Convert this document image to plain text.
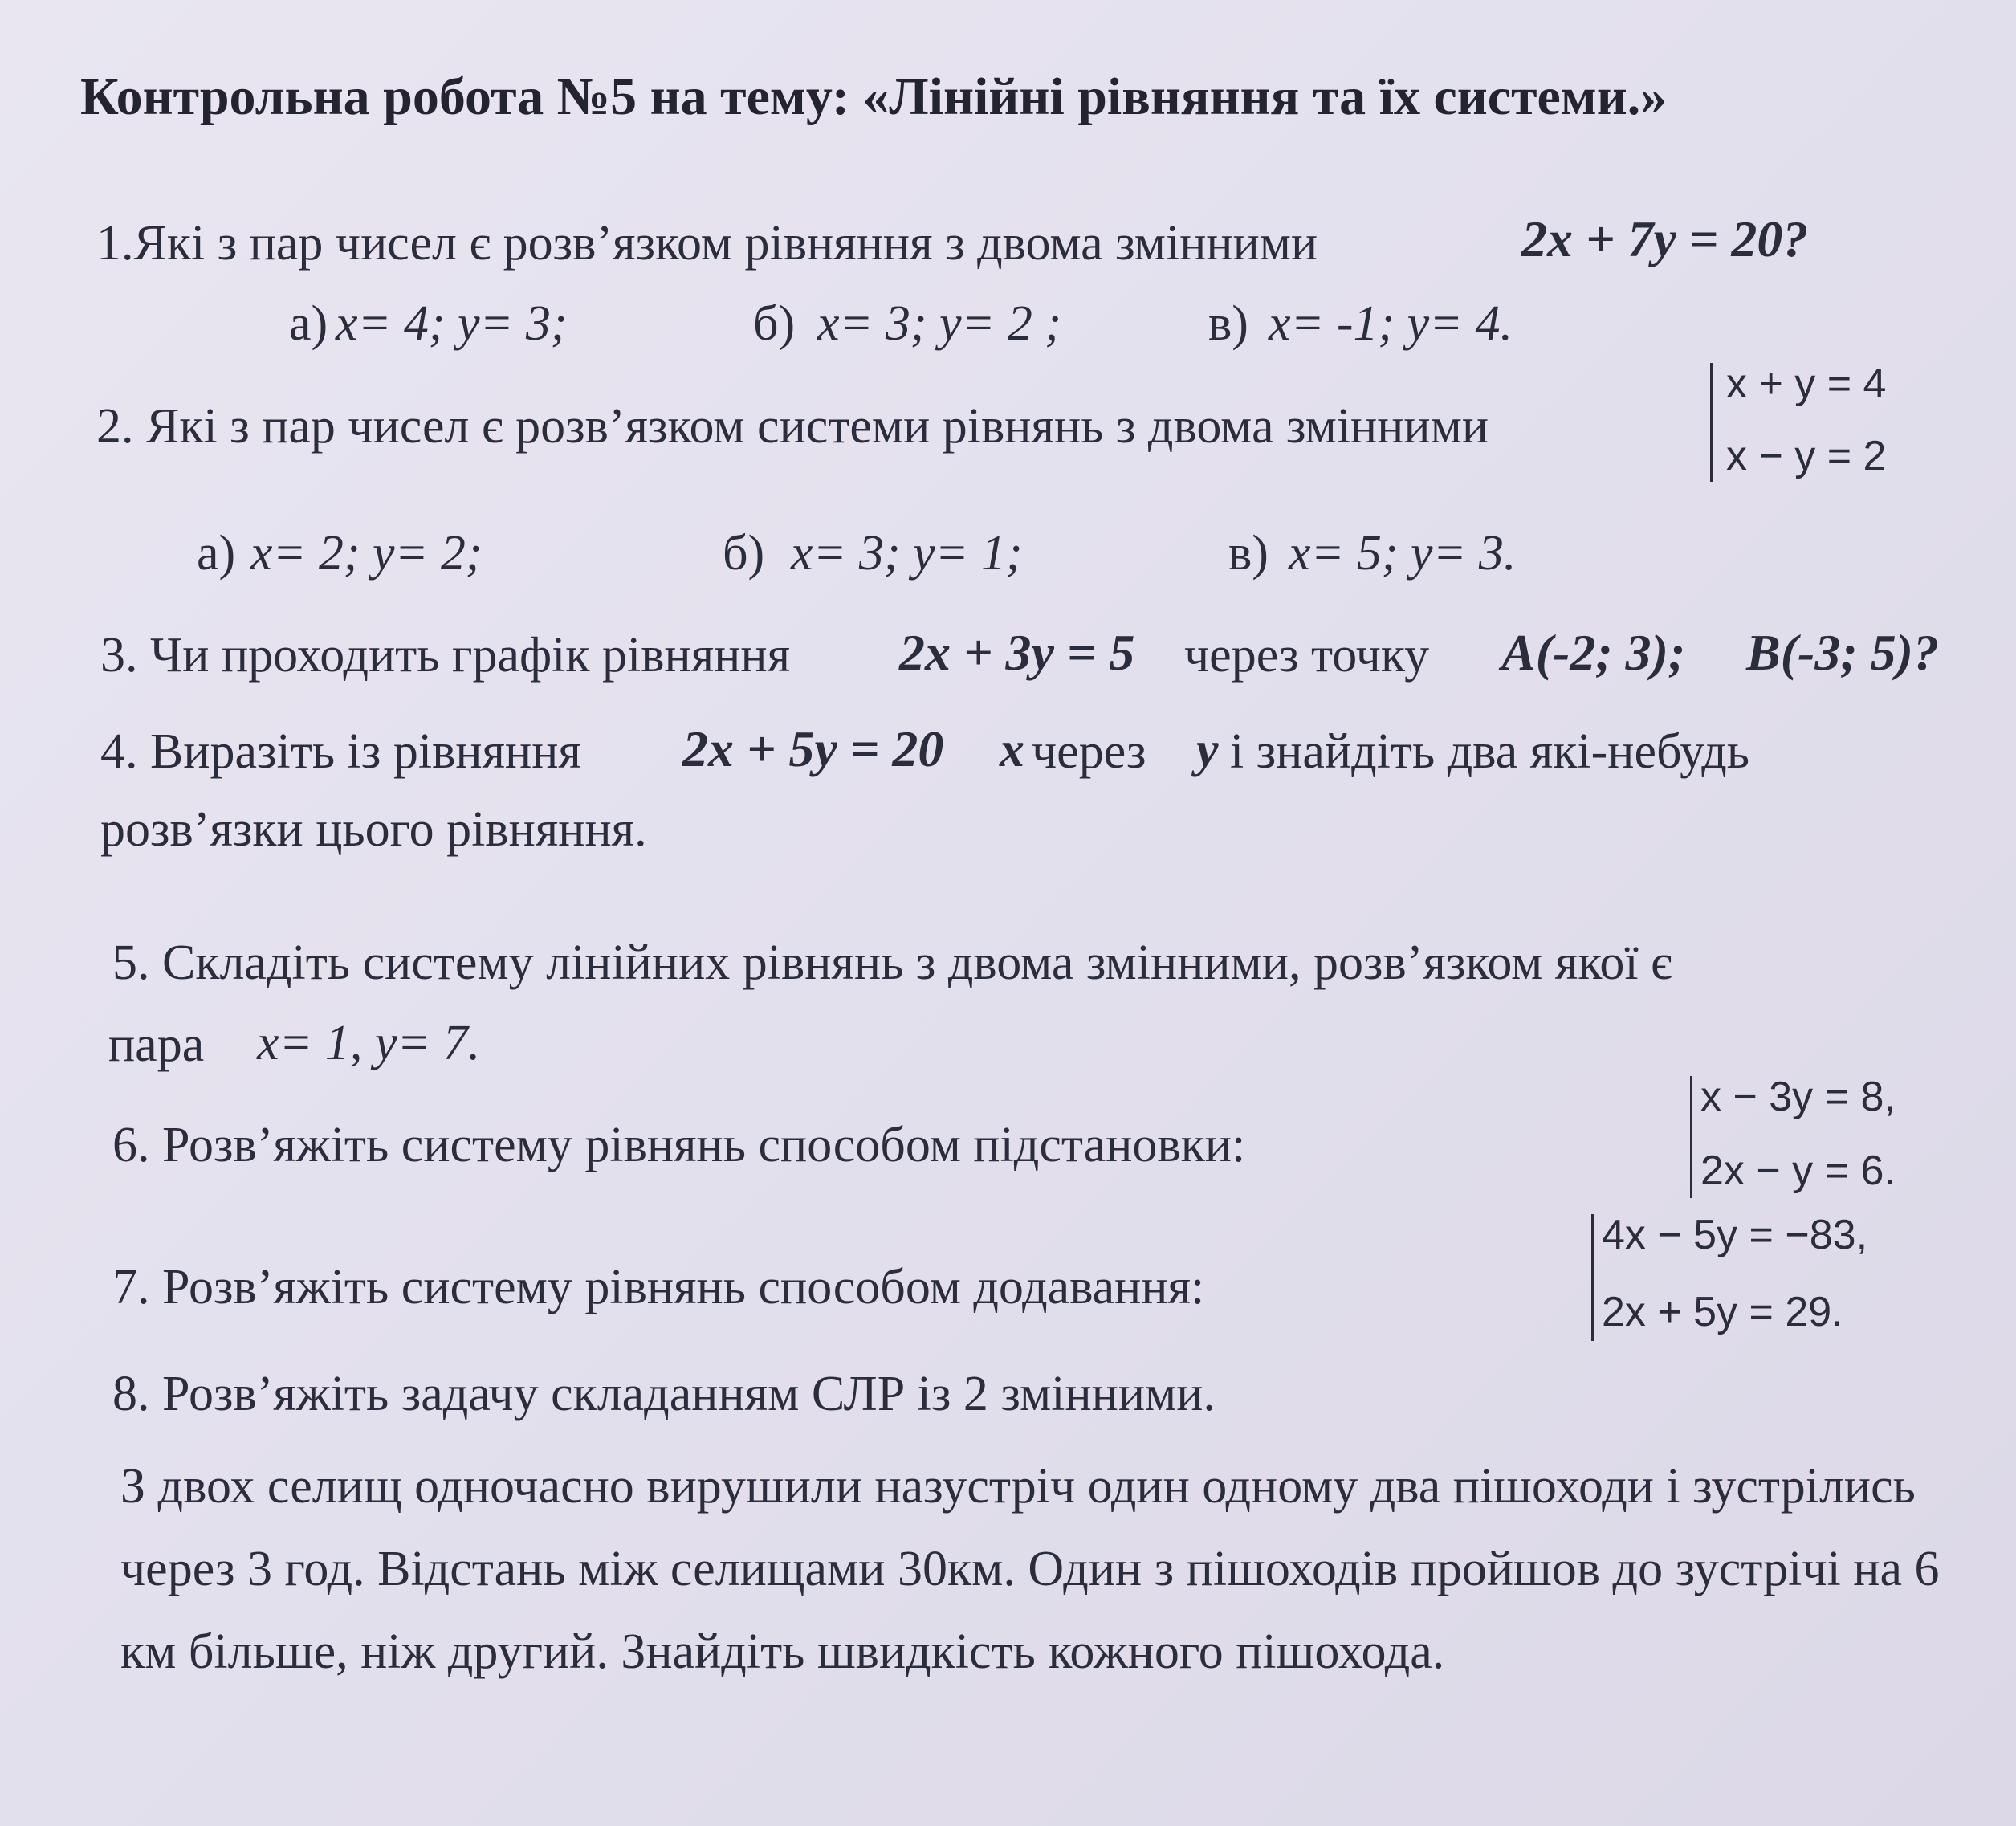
Контрольна робота №5 на тему: «Лінійні рівняння та їх системи.»
1.Які з пар чисел є розв’язком рівняння з двома змінними	2x + 7y = 20?
а) x= 4; y= 3;	б) x= 3; y= 2 ;	в) x= -1; y= 4.
2. Які з пар чисел є розв’язком системи рівнянь з двома змінними
x + y = 4
x − y = 2
а) x= 2; y= 2;	б) x= 3; y= 1;	в) x= 5; y= 3.
3. Чи проходить графік рівняння 2x + 3y = 5 через точку A(-2; 3); B(-3; 5)?
4. Виразіть із рівняння 2x + 5y = 20 x через y і знайдіть два які-небудь
розв’язки цього рівняння.
5. Складіть систему лінійних рівнянь з двома змінними, розв’язком якої є
пара x= 1, y= 7.
6. Розв’яжіть систему рівнянь способом підстановки:
x − 3y = 8,
2x − y = 6.
7. Розв’яжіть систему рівнянь способом додавання:
4x − 5y = −83,
2x + 5y = 29.
8. Розв’яжіть задачу складанням СЛР із 2 змінними.
З двох селищ одночасно вирушили назустріч один одному два пішоходи і зустрілись через 3 год. Відстань між селищами 30км. Один з пішоходів пройшов до зустрічі на 6 км більше, ніж другий. Знайдіть швидкість кожного пішохода.
